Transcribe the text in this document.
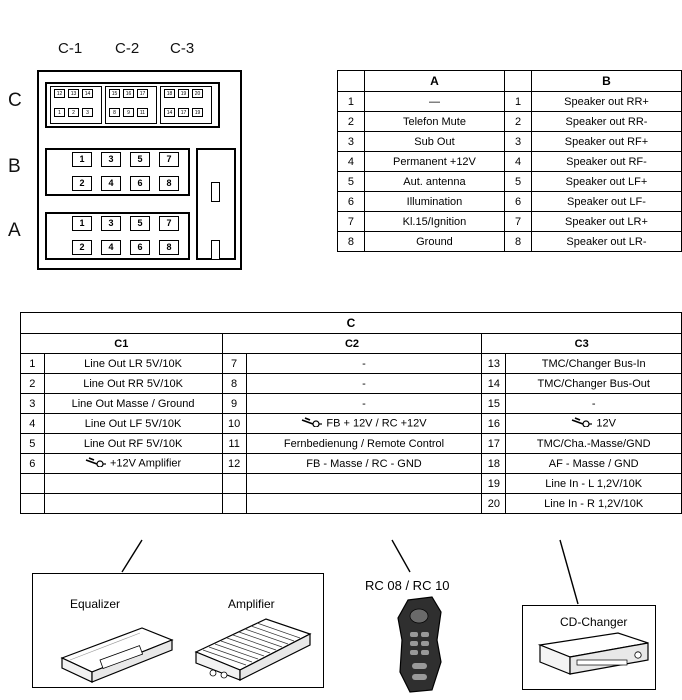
C-1 C-2 C-3
C
B
A
12	13	14
1	2	3
15	16	17
8	9	11
18	19	20
14	17	19
1	3	5	7
2	4	6	8
1	3	5	7
2	4	6	8
	A		B
1	—	1	Speaker out RR+
2	Telefon Mute	2	Speaker out RR-
3	Sub Out	3	Speaker out RF+
4	Permanent +12V	4	Speaker out RF-
5	Aut. antenna	5	Speaker out LF+
6	Illumination	6	Speaker out LF-
7	Kl.15/Ignition	7	Speaker out LR+
8	Ground	8	Speaker out LR-
C					
C1		C2		C3	
1	Line Out LR 5V/10K	7	-	13	TMC/Changer Bus-In
2	Line Out RR 5V/10K	8	-	14	TMC/Changer Bus-Out
3	Line Out Masse / Ground	9	-	15	-
4	Line Out LF 5V/10K	10	FB + 12V / RC +12V	16	12V
5	Line Out RF 5V/10K	11	Fernbedienung / Remote Control	17	TMC/Cha.-Masse/GND
6	+12V Amplifier	12	FB - Masse / RC - GND	18	AF - Masse / GND
				19	Line In - L 1,2V/10K
				20	Line In - R 1,2V/10K
Equalizer	Amplifier
RC 08 / RC 10
CD-Changer
